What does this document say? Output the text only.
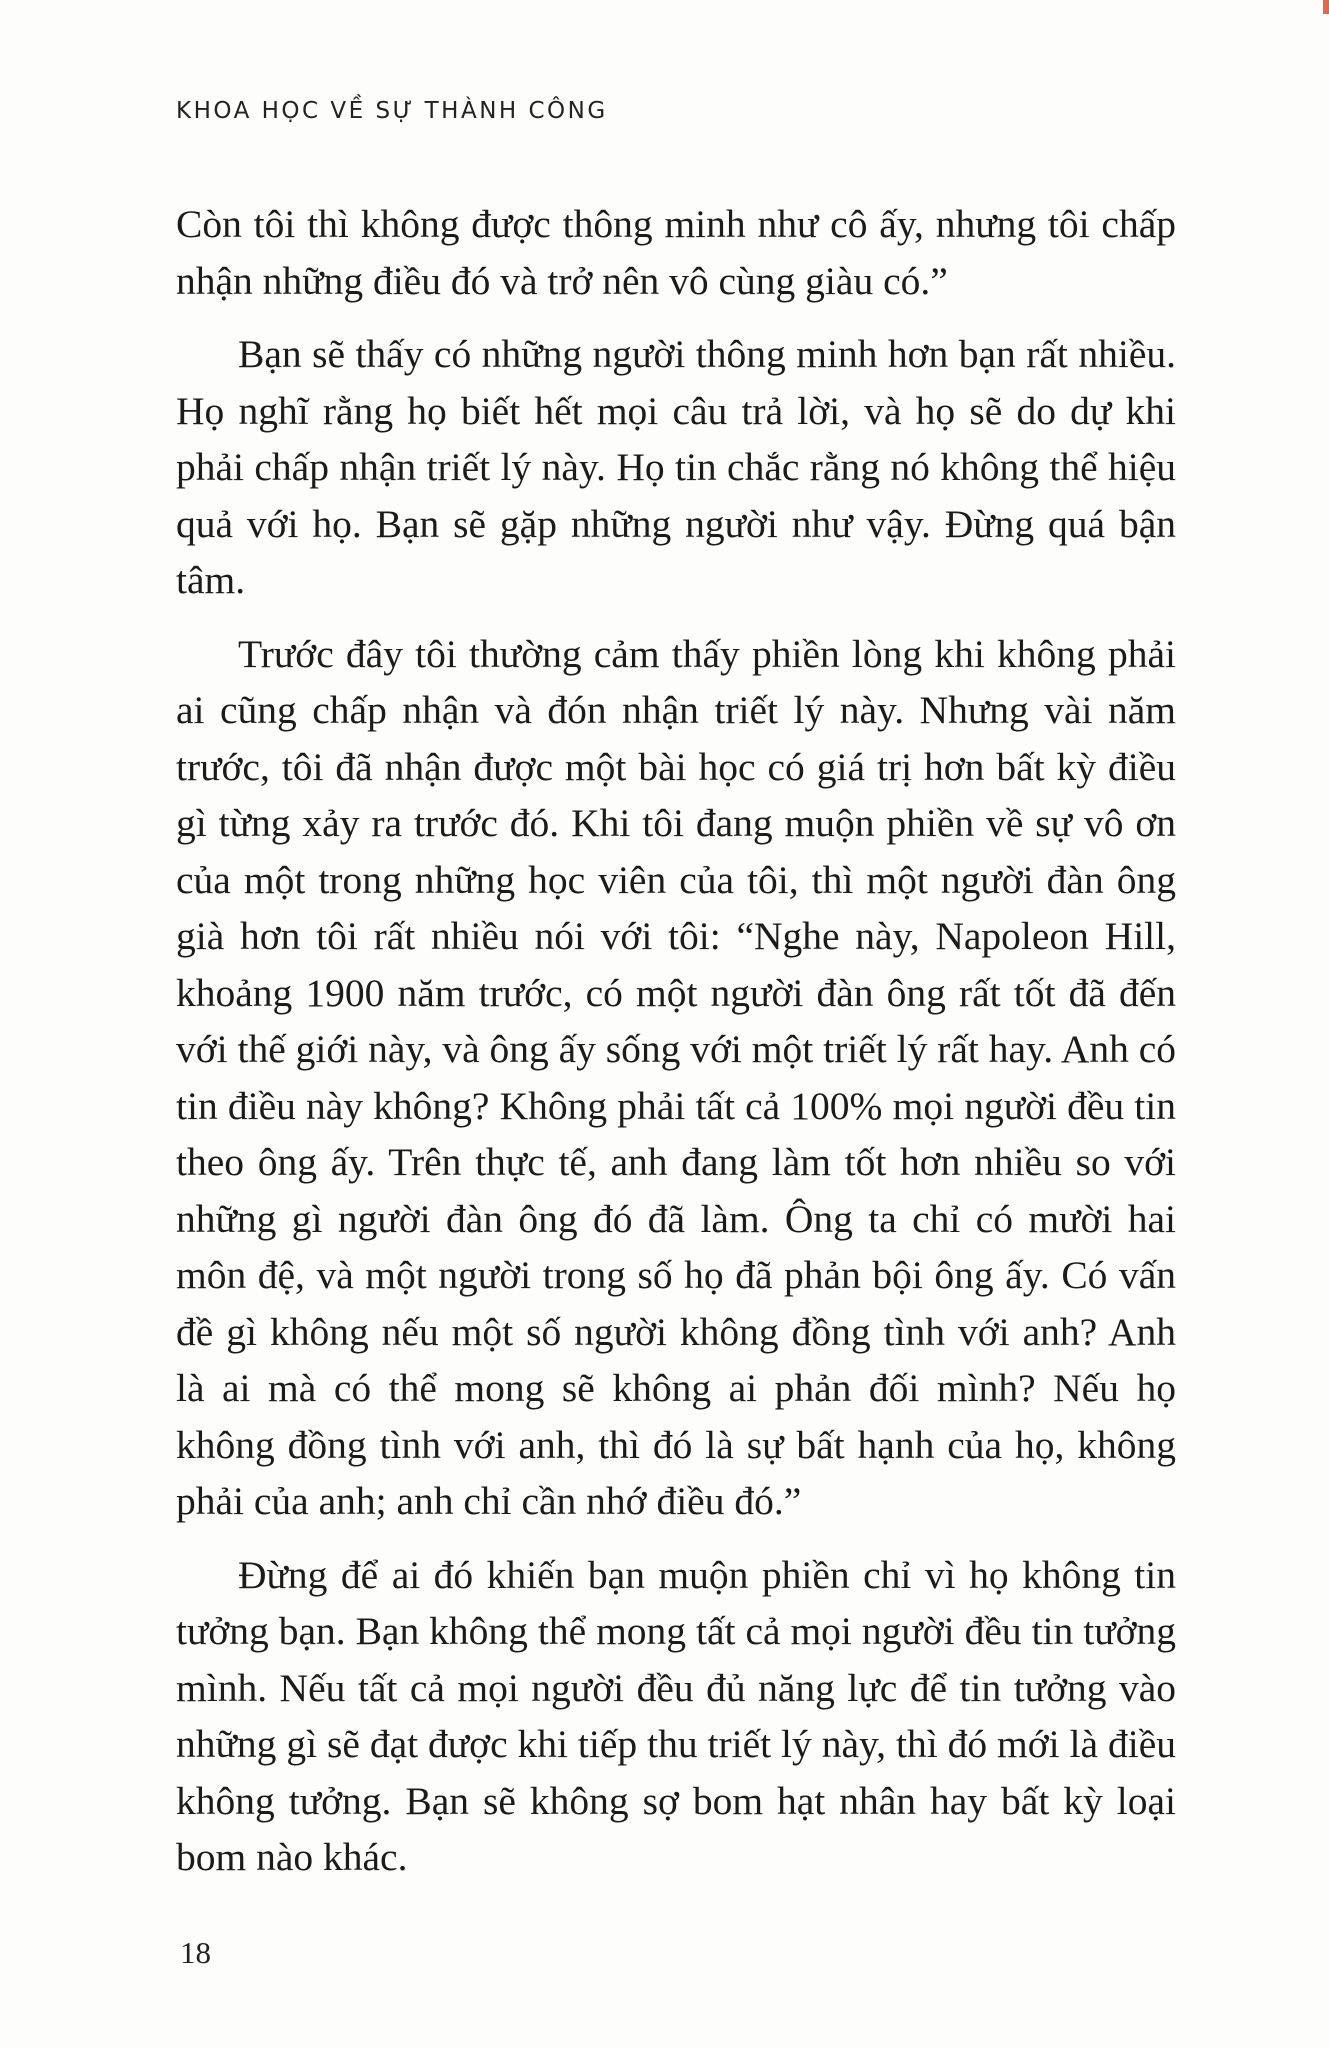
KHOA HỌC VỀ SỰ THÀNH CÔNG

Còn tôi thì không được thông minh như cô ấy, nhưng tôi chấp nhận những điều đó và trở nên vô cùng giàu có.”

Bạn sẽ thấy có những người thông minh hơn bạn rất nhiều. Họ nghĩ rằng họ biết hết mọi câu trả lời, và họ sẽ do dự khi phải chấp nhận triết lý này. Họ tin chắc rằng nó không thể hiệu quả với họ. Bạn sẽ gặp những người như vậy. Đừng quá bận tâm.

Trước đây tôi thường cảm thấy phiền lòng khi không phải ai cũng chấp nhận và đón nhận triết lý này. Nhưng vài năm trước, tôi đã nhận được một bài học có giá trị hơn bất kỳ điều gì từng xảy ra trước đó. Khi tôi đang muộn phiền về sự vô ơn của một trong những học viên của tôi, thì một người đàn ông già hơn tôi rất nhiều nói với tôi: “Nghe này, Napoleon Hill, khoảng 1900 năm trước, có một người đàn ông rất tốt đã đến với thế giới này, và ông ấy sống với một triết lý rất hay. Anh có tin điều này không? Không phải tất cả 100% mọi người đều tin theo ông ấy. Trên thực tế, anh đang làm tốt hơn nhiều so với những gì người đàn ông đó đã làm. Ông ta chỉ có mười hai môn đệ, và một người trong số họ đã phản bội ông ấy. Có vấn đề gì không nếu một số người không đồng tình với anh? Anh là ai mà có thể mong sẽ không ai phản đối mình? Nếu họ không đồng tình với anh, thì đó là sự bất hạnh của họ, không phải của anh; anh chỉ cần nhớ điều đó.”

Đừng để ai đó khiến bạn muộn phiền chỉ vì họ không tin tưởng bạn. Bạn không thể mong tất cả mọi người đều tin tưởng mình. Nếu tất cả mọi người đều đủ năng lực để tin tưởng vào những gì sẽ đạt được khi tiếp thu triết lý này, thì đó mới là điều không tưởng. Bạn sẽ không sợ bom hạt nhân hay bất kỳ loại bom nào khác.

18
